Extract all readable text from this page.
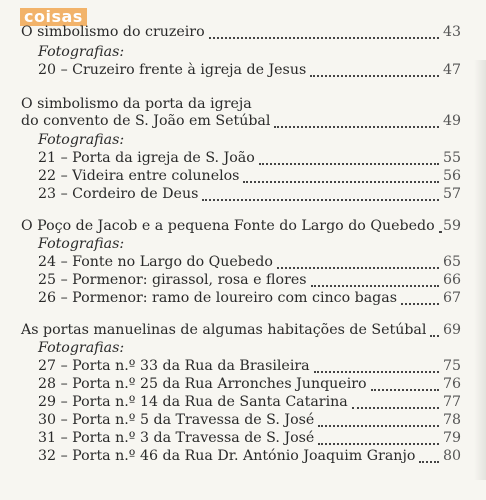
coisas
O simbolismo do cruzeiro	43
Fotografias:
20 – Cruzeiro frente à igreja de Jesus	47
O simbolismo da porta da igreja
do convento de S. João em Setúbal	49
Fotografias:
21 – Porta da igreja de S. João	55
22 – Videira entre colunelos	56
23 – Cordeiro de Deus	57
O Poço de Jacob e a pequena Fonte do Largo do Quebedo 59
Fotografias:
24 – Fonte no Largo do Quebedo	65
25 – Pormenor: girassol, rosa e flores	66
26 – Pormenor: ramo de loureiro com cinco bagas	67
As portas manuelinas de algumas habitações de Setúbal 69
Fotografias:
27 – Porta n.º 33 da Rua da Brasileira	75
28 – Porta n.º 25 da Rua Arronches Junqueiro	76
29 – Porta n.º 14 da Rua de Santa Catarina	77
30 – Porta n.º 5 da Travessa de S. José	78
31 – Porta n.º 3 da Travessa de S. José	79
32 – Porta n.º 46 da Rua Dr. António Joaquim Granjo 80
